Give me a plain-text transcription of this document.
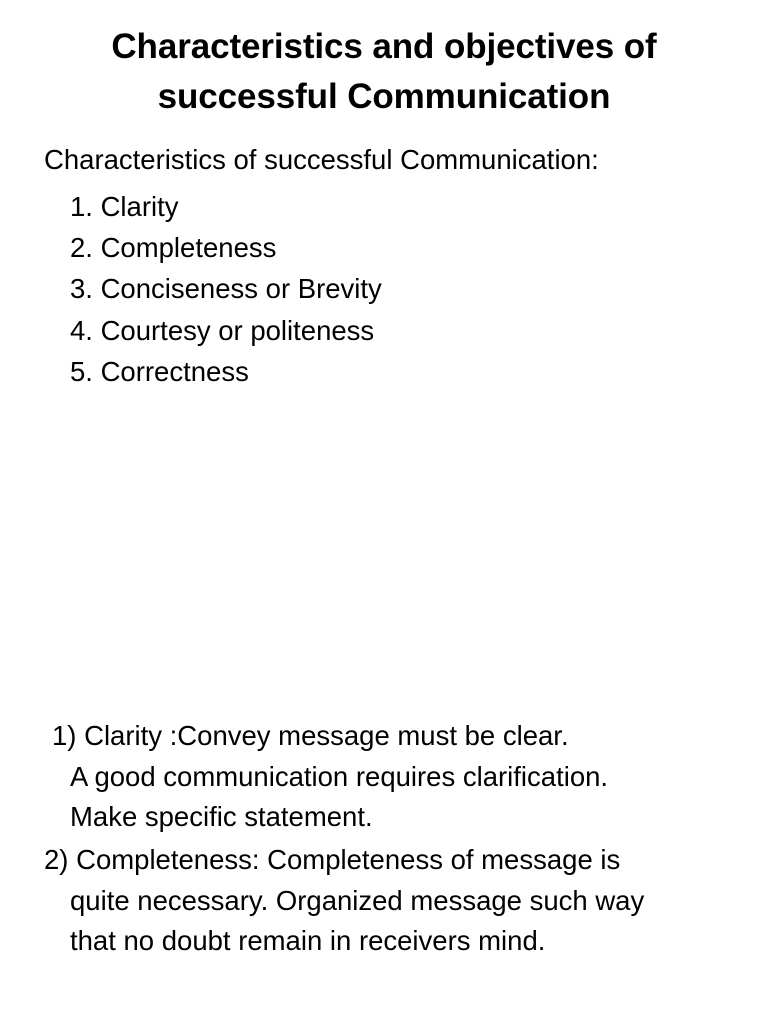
Characteristics and objectives of
successful Communication
Characteristics of successful Communication:
1. Clarity
2. Completeness
3. Conciseness or Brevity
4. Courtesy or politeness
5. Correctness
1) Clarity :Convey message must be clear.
A good communication requires clarification.
Make specific statement.
2) Completeness: Completeness of message is
quite necessary. Organized message such way
that no doubt remain in receivers mind.
